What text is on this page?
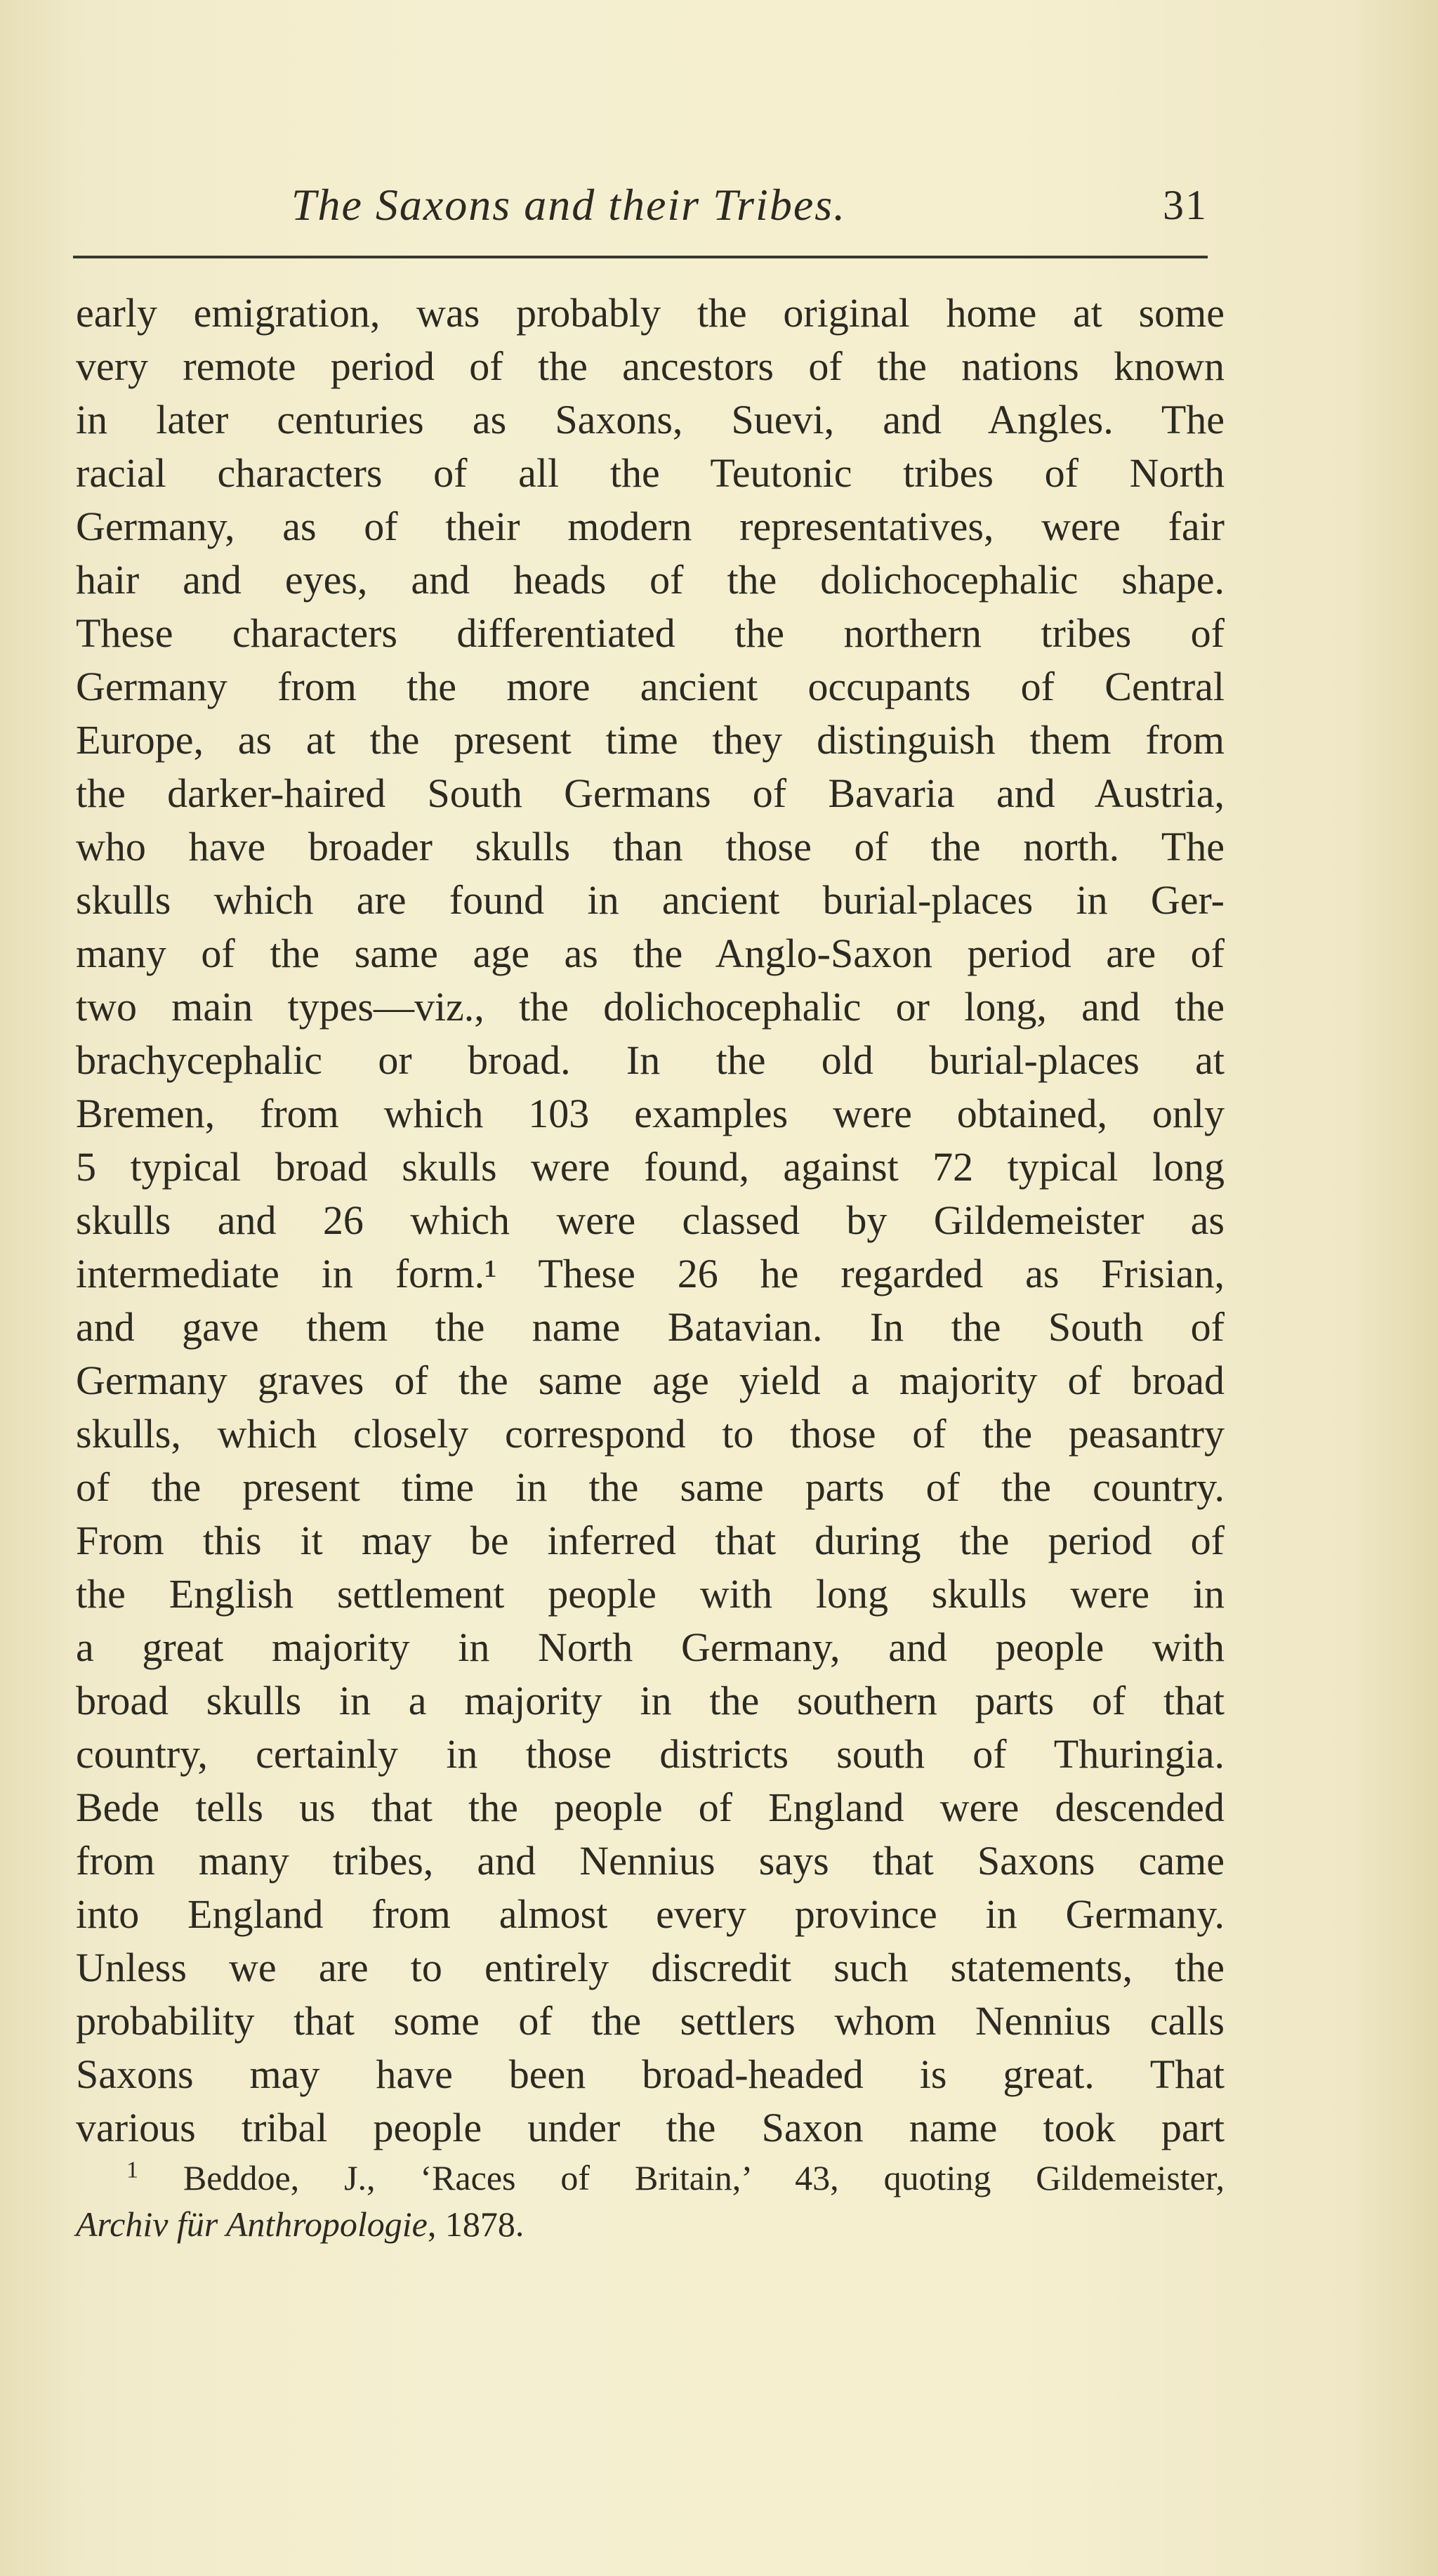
The Saxons and their Tribes.	31
early emigration, was probably the original home at some
very remote period of the ancestors of the nations known
in later centuries as Saxons, Suevi, and Angles. The
racial characters of all the Teutonic tribes of North
Germany, as of their modern representatives, were fair
hair and eyes, and heads of the dolichocephalic shape.
These characters differentiated the northern tribes of
Germany from the more ancient occupants of Central
Europe, as at the present time they distinguish them from
the darker-haired South Germans of Bavaria and Austria,
who have broader skulls than those of the north. The
skulls which are found in ancient burial-places in Ger-
many of the same age as the Anglo-Saxon period are of
two main types—viz., the dolichocephalic or long, and the
brachycephalic or broad. In the old burial-places at
Bremen, from which 103 examples were obtained, only
5 typical broad skulls were found, against 72 typical long
skulls and 26 which were classed by Gildemeister as
intermediate in form.¹ These 26 he regarded as Frisian,
and gave them the name Batavian. In the South of
Germany graves of the same age yield a majority of broad
skulls, which closely correspond to those of the peasantry
of the present time in the same parts of the country.
From this it may be inferred that during the period of
the English settlement people with long skulls were in
a great majority in North Germany, and people with
broad skulls in a majority in the southern parts of that
country, certainly in those districts south of Thuringia.
Bede tells us that the people of England were descended
from many tribes, and Nennius says that Saxons came
into England from almost every province in Germany.
Unless we are to entirely discredit such statements, the
probability that some of the settlers whom Nennius calls
Saxons may have been broad-headed is great. That
various tribal people under the Saxon name took part
$^1$ Beddoe, J., ‘Races of Britain,’ 43, quoting Gildemeister,
Archiv für Anthropologie, 1878.
